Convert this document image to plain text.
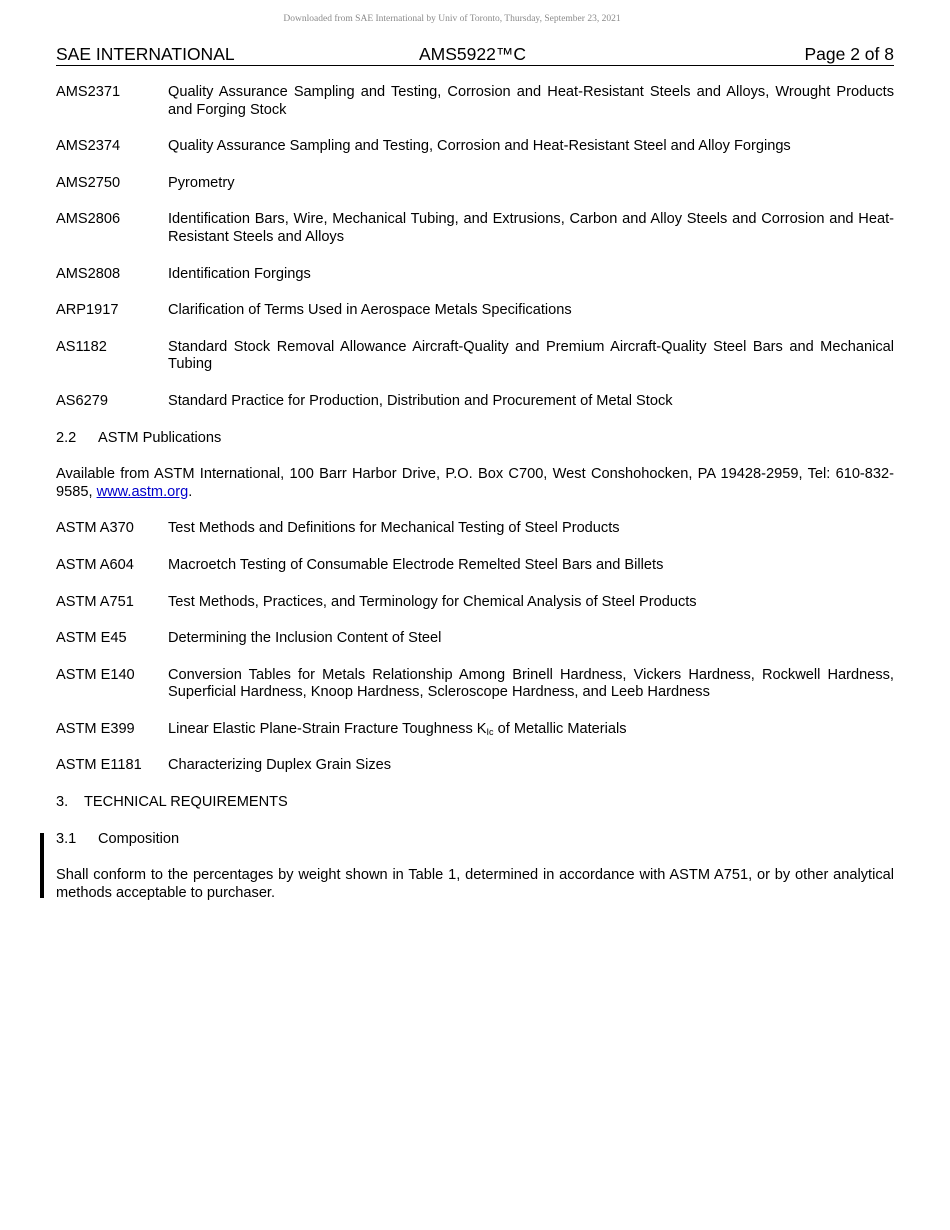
Downloaded from SAE International by Univ of Toronto, Thursday, September 23, 2021
SAE INTERNATIONAL	AMS5922™C	Page 2 of 8
AMS2371	Quality Assurance Sampling and Testing, Corrosion and Heat-Resistant Steels and Alloys, Wrought Products and Forging Stock
AMS2374	Quality Assurance Sampling and Testing, Corrosion and Heat-Resistant Steel and Alloy Forgings
AMS2750	Pyrometry
AMS2806	Identification Bars, Wire, Mechanical Tubing, and Extrusions, Carbon and Alloy Steels and Corrosion and Heat-Resistant Steels and Alloys
AMS2808	Identification Forgings
ARP1917	Clarification of Terms Used in Aerospace Metals Specifications
AS1182	Standard Stock Removal Allowance Aircraft-Quality and Premium Aircraft-Quality Steel Bars and Mechanical Tubing
AS6279	Standard Practice for Production, Distribution and Procurement of Metal Stock
2.2 ASTM Publications
Available from ASTM International, 100 Barr Harbor Drive, P.O. Box C700, West Conshohocken, PA 19428-2959, Tel: 610-832-9585, www.astm.org.
ASTM A370	Test Methods and Definitions for Mechanical Testing of Steel Products
ASTM A604	Macroetch Testing of Consumable Electrode Remelted Steel Bars and Billets
ASTM A751	Test Methods, Practices, and Terminology for Chemical Analysis of Steel Products
ASTM E45	Determining the Inclusion Content of Steel
ASTM E140	Conversion Tables for Metals Relationship Among Brinell Hardness, Vickers Hardness, Rockwell Hardness, Superficial Hardness, Knoop Hardness, Scleroscope Hardness, and Leeb Hardness
ASTM E399	Linear Elastic Plane-Strain Fracture Toughness $K_{Ic}$ of Metallic Materials
ASTM E1181	Characterizing Duplex Grain Sizes
3. TECHNICAL REQUIREMENTS
3.1 Composition
Shall conform to the percentages by weight shown in Table 1, determined in accordance with ASTM A751, or by other analytical methods acceptable to purchaser.
